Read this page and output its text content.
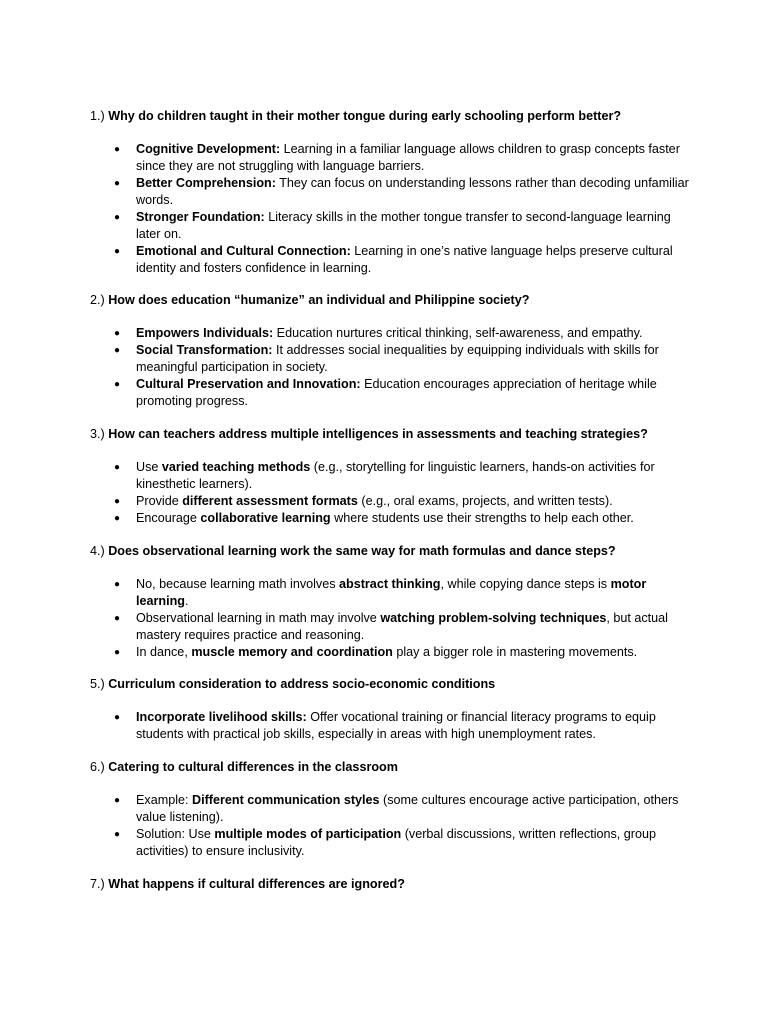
1.) Why do children taught in their mother tongue during early schooling perform better?

● Cognitive Development: Learning in a familiar language allows children to grasp concepts faster since they are not struggling with language barriers.
● Better Comprehension: They can focus on understanding lessons rather than decoding unfamiliar words.
● Stronger Foundation: Literacy skills in the mother tongue transfer to second-language learning later on.
● Emotional and Cultural Connection: Learning in one’s native language helps preserve cultural identity and fosters confidence in learning.

2.) How does education “humanize” an individual and Philippine society?

● Empowers Individuals: Education nurtures critical thinking, self-awareness, and empathy.
● Social Transformation: It addresses social inequalities by equipping individuals with skills for meaningful participation in society.
● Cultural Preservation and Innovation: Education encourages appreciation of heritage while promoting progress.

3.) How can teachers address multiple intelligences in assessments and teaching strategies?

● Use varied teaching methods (e.g., storytelling for linguistic learners, hands-on activities for kinesthetic learners).
● Provide different assessment formats (e.g., oral exams, projects, and written tests).
● Encourage collaborative learning where students use their strengths to help each other.

4.) Does observational learning work the same way for math formulas and dance steps?

● No, because learning math involves abstract thinking, while copying dance steps is motor learning.
● Observational learning in math may involve watching problem-solving techniques, but actual mastery requires practice and reasoning.
● In dance, muscle memory and coordination play a bigger role in mastering movements.

5.) Curriculum consideration to address socio-economic conditions

● Incorporate livelihood skills: Offer vocational training or financial literacy programs to equip students with practical job skills, especially in areas with high unemployment rates.

6.) Catering to cultural differences in the classroom

● Example: Different communication styles (some cultures encourage active participation, others value listening).
● Solution: Use multiple modes of participation (verbal discussions, written reflections, group activities) to ensure inclusivity.

7.) What happens if cultural differences are ignored?
